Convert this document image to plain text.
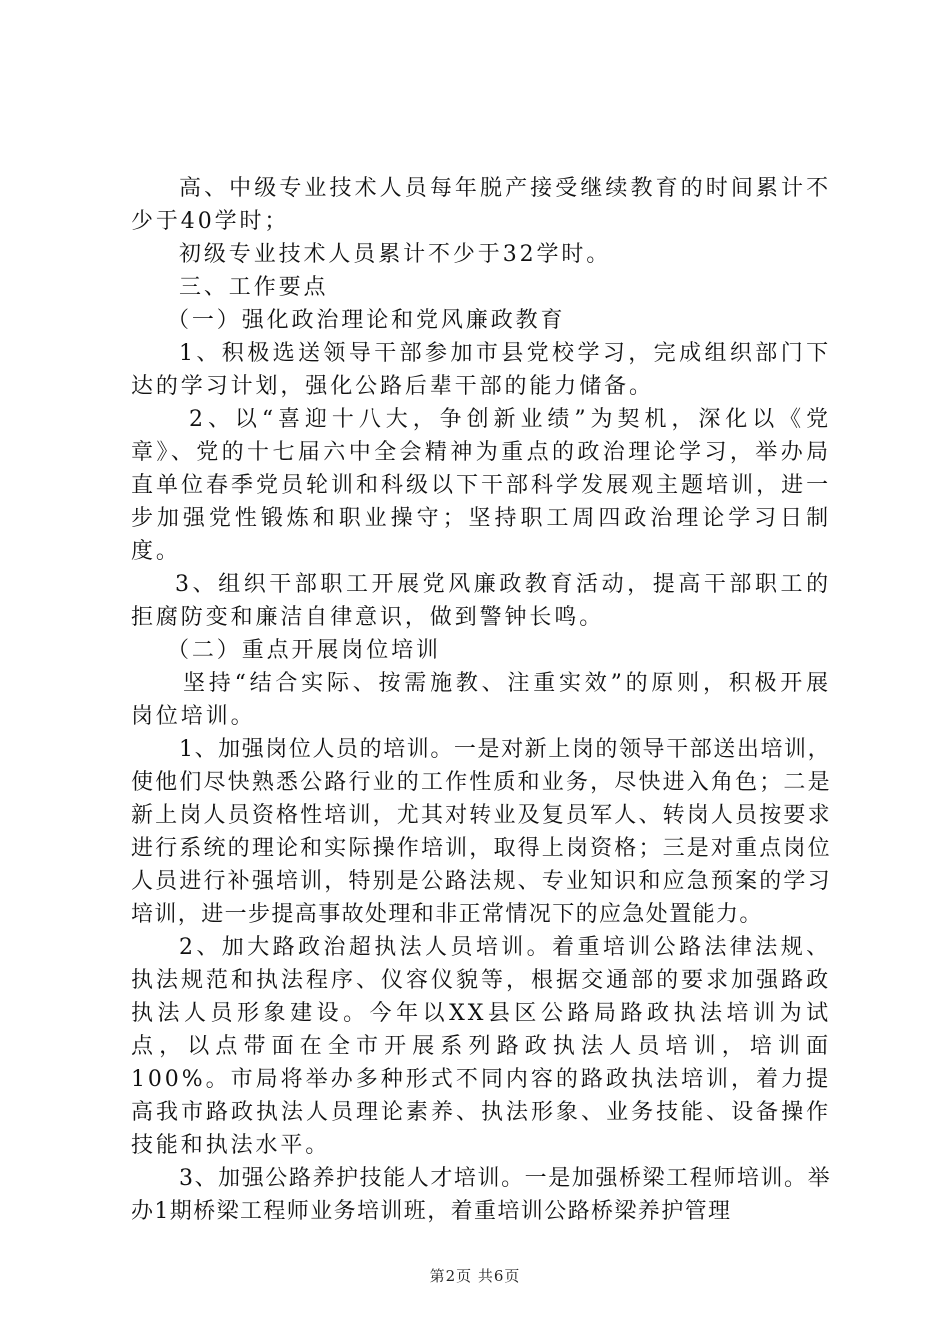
高、中级专业技术人员每年脱产接受继续教育的时间累计不少于40学时；

初级专业技术人员累计不少于32学时。

三、工作要点

（一）强化政治理论和党风廉政教育

1、积极选送领导干部参加市县党校学习，完成组织部门下达的学习计划，强化公路后辈干部的能力储备。

2、以“喜迎十八大，争创新业绩”为契机，深化以《党章》、党的十七届六中全会精神为重点的政治理论学习，举办局直单位春季党员轮训和科级以下干部科学发展观主题培训，进一步加强党性锻炼和职业操守；坚持职工周四政治理论学习日制度。

3、组织干部职工开展党风廉政教育活动，提高干部职工的拒腐防变和廉洁自律意识，做到警钟长鸣。

（二）重点开展岗位培训

坚持“结合实际、按需施教、注重实效”的原则，积极开展岗位培训。

1、加强岗位人员的培训。一是对新上岗的领导干部送出培训，使他们尽快熟悉公路行业的工作性质和业务，尽快进入角色；二是新上岗人员资格性培训，尤其对转业及复员军人、转岗人员按要求进行系统的理论和实际操作培训，取得上岗资格；三是对重点岗位人员进行补强培训，特别是公路法规、专业知识和应急预案的学习培训，进一步提高事故处理和非正常情况下的应急处置能力。

2、加大路政治超执法人员培训。着重培训公路法律法规、执法规范和执法程序、仪容仪貌等，根据交通部的要求加强路政执法人员形象建设。今年以XX县区公路局路政执法培训为试点，以点带面在全市开展系列路政执法人员培训，培训面100%。市局将举办多种形式不同内容的路政执法培训，着力提高我市路政执法人员理论素养、执法形象、业务技能、设备操作技能和执法水平。

3、加强公路养护技能人才培训。一是加强桥梁工程师培训。举办1期桥梁工程师业务培训班，着重培训公路桥梁养护管理

第2页 共6页
